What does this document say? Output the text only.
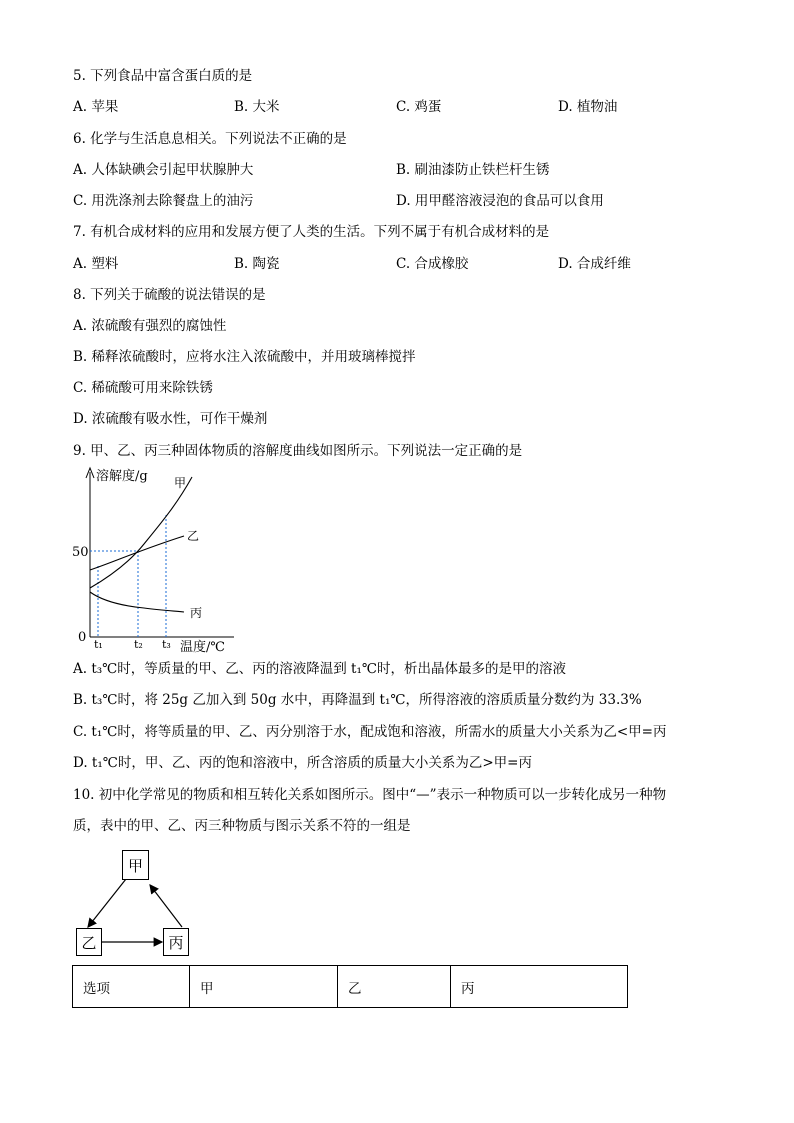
5. 下列食品中富含蛋白质的是
A. 苹果	B. 大米	C. 鸡蛋	D. 植物油
6. 化学与生活息息相关。下列说法不正确的是
A. 人体缺碘会引起甲状腺肿大	B. 刷油漆防止铁栏杆生锈
C. 用洗涤剂去除餐盘上的油污	D. 用甲醛溶液浸泡的食品可以食用
7. 有机合成材料的应用和发展方便了人类的生活。下列不属于有机合成材料的是
A. 塑料	B. 陶瓷	C. 合成橡胶	D. 合成纤维
8. 下列关于硫酸的说法错误的是
A. 浓硫酸有强烈的腐蚀性
B. 稀释浓硫酸时，应将水注入浓硫酸中，并用玻璃棒搅拌
C. 稀硫酸可用来除铁锈
D. 浓硫酸有吸水性，可作干燥剂
9. 甲、乙、丙三种固体物质的溶解度曲线如图所示。下列说法一定正确的是
溶解度/g
50
甲
乙
丙
0 t₁	t₂ t₃ 温度/℃
A. t₃℃时，等质量的甲、乙、丙的溶液降温到 t₁℃时，析出晶体最多的是甲的溶液
B. t₃℃时，将 25g 乙加入到 50g 水中，再降温到 t₁℃，所得溶液的溶质质量分数约为 33.3%
C. t₁℃时，将等质量的甲、乙、丙分别溶于水，配成饱和溶液，所需水的质量大小关系为乙<甲=丙
D. t₁℃时，甲、乙、丙的饱和溶液中，所含溶质的质量大小关系为乙>甲=丙
10. 初中化学常见的物质和相互转化关系如图所示。图中“—”表示一种物质可以一步转化成另一种物
质，表中的甲、乙、丙三种物质与图示关系不符的一组是
甲
乙	丙
选项	甲	乙	丙
